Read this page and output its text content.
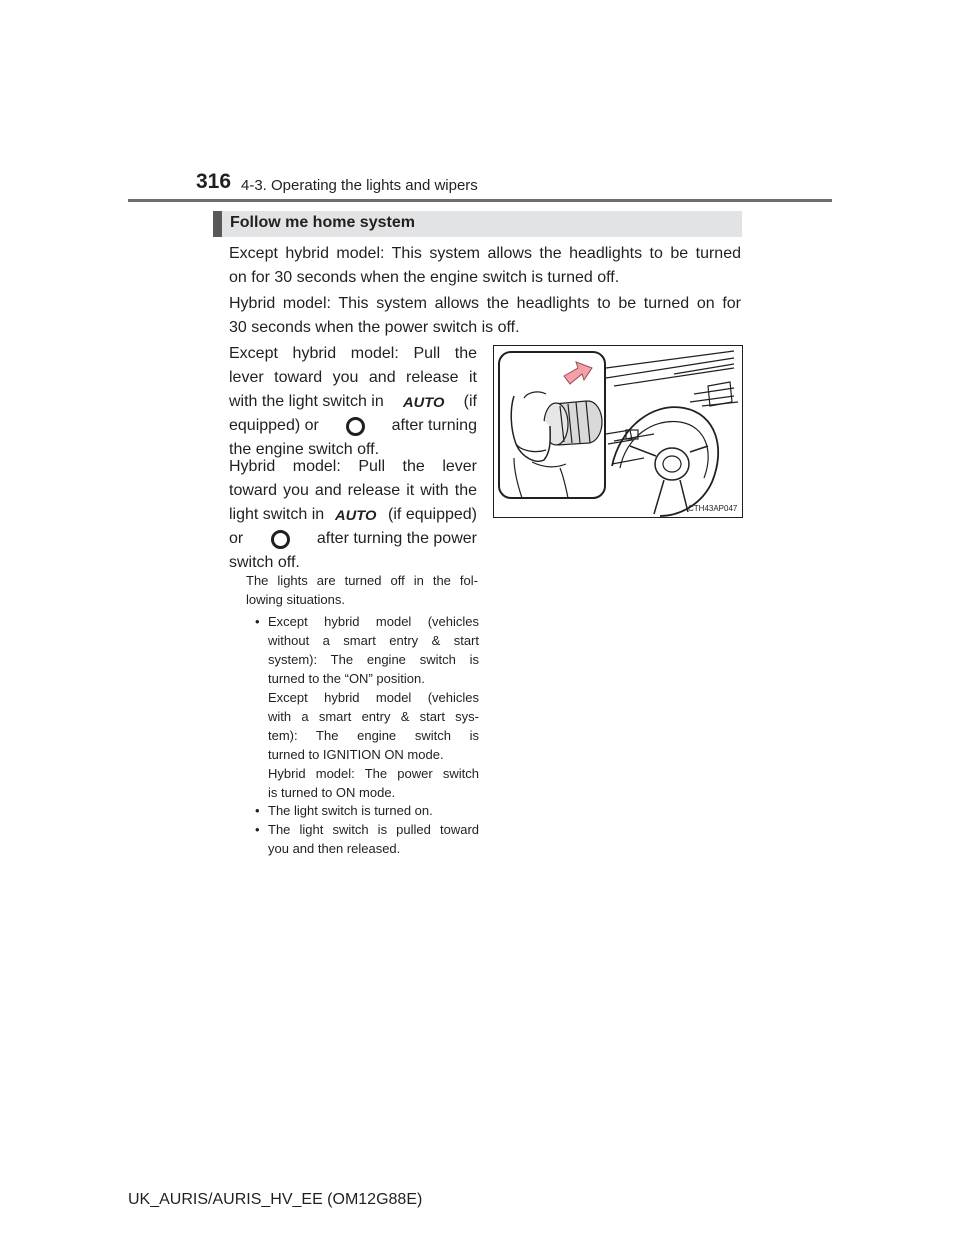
316 4-3. Operating the lights and wipers
Follow me home system
Except hybrid model: This system allows the headlights to be turned
on for 30 seconds when the engine switch is turned off.
Hybrid model: This system allows the headlights to be turned on for
30 seconds when the power switch is off.
Except hybrid model: Pull the
lever toward you and release it
with the light switch in AUTO (if
equipped) or	after turning
the engine switch off.
Hybrid model: Pull the lever
toward you and release it with the
light switch in AUTO (if equipped)
or	after turning the power
switch off.
The lights are turned off in the fol-
lowing situations.
• Except hybrid model (vehicles
without a smart entry & start
system): The engine switch is
turned to the “ON” position.
Except hybrid model (vehicles
with a smart entry & start sys-
tem): The engine switch is
turned to IGNITION ON mode.
Hybrid model: The power switch
is turned to ON mode.
• The light switch is turned on.
• The light switch is pulled toward
you and then released.
CTH43AP047
UK_AURIS/AURIS_HV_EE (OM12G88E)
